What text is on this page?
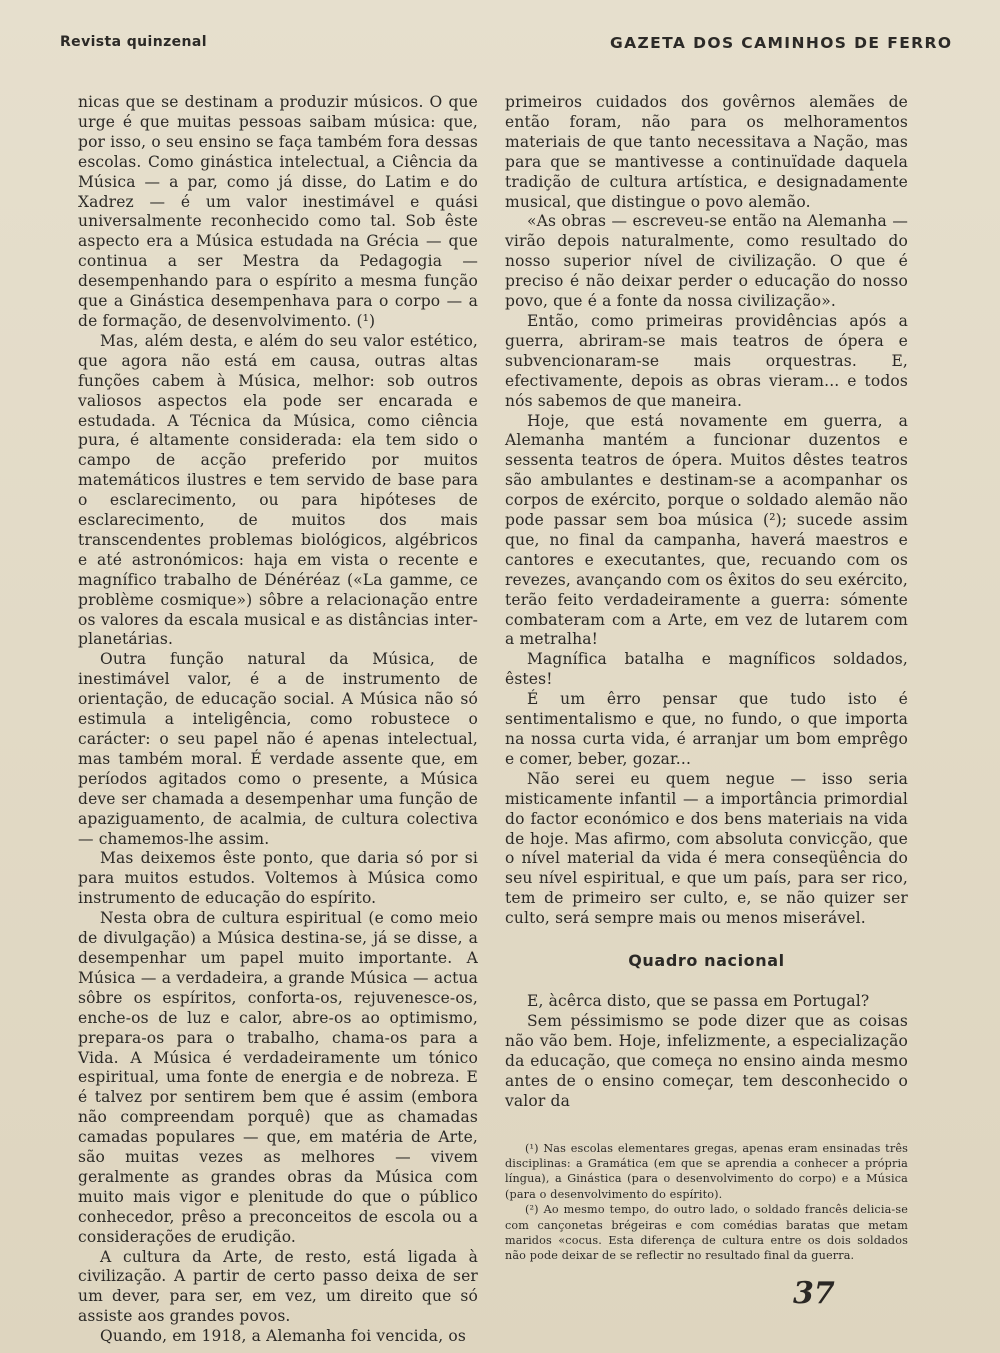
Revista quinzenal	GAZETA DOS CAMINHOS DE FERRO

nicas que se destinam a produzir músicos. O que urge é que muitas pessoas saibam música: que, por isso, o seu ensino se faça também fora dessas escolas. Como ginástica intelectual, a Ciência da Música — a par, como já disse, do Latim e do Xadrez — é um valor inestimável e quási universalmente reconhecido como tal. Sob êste aspecto era a Música estudada na Grécia — que continua a ser Mestra da Pedagogia — desempenhando para o espírito a mesma função que a Ginástica desempenhava para o corpo — a de formação, de desenvolvimento. (¹)

Mas, além desta, e além do seu valor estético, que agora não está em causa, outras altas funções cabem à Música, melhor: sob outros valiosos aspectos ela pode ser encarada e estudada. A Técnica da Música, como ciência pura, é altamente considerada: ela tem sido o campo de acção preferido por muitos matemáticos ilustres e tem servido de base para o esclarecimento, ou para hipóteses de esclarecimento, de muitos dos mais transcendentes problemas biológicos, algébricos e até astronómicos: haja em vista o recente e magnífico trabalho de Dénéréaz («La gamme, ce problème cosmique») sôbre a relacionação entre os valores da escala musical e as distâncias inter-planetárias.

Outra função natural da Música, de inestimável valor, é a de instrumento de orientação, de educação social. A Música não só estimula a inteligência, como robustece o carácter: o seu papel não é apenas intelectual, mas também moral. É verdade assente que, em períodos agitados como o presente, a Música deve ser chamada a desempenhar uma função de apaziguamento, de acalmia, de cultura colectiva — chamemos-lhe assim.

Mas deixemos êste ponto, que daria só por si para muitos estudos. Voltemos à Música como instrumento de educação do espírito.

Nesta obra de cultura espiritual (e como meio de divulgação) a Música destina-se, já se disse, a desempenhar um papel muito importante. A Música — a verdadeira, a grande Música — actua sôbre os espíritos, conforta-os, rejuvenesce-os, enche-os de luz e calor, abre-os ao optimismo, prepara-os para o trabalho, chama-os para a Vida. A Música é verdadeiramente um tónico espiritual, uma fonte de energia e de nobreza. E é talvez por sentirem bem que é assim (embora não compreendam porquê) que as chamadas camadas populares — que, em matéria de Arte, são muitas vezes as melhores — vivem geralmente as grandes obras da Música com muito mais vigor e plenitude do que o público conhecedor, prêso a preconceitos de escola ou a considerações de erudição.

A cultura da Arte, de resto, está ligada à civilização. A partir de certo passo deixa de ser um dever, para ser, em vez, um direito que só assiste aos grandes povos.

Quando, em 1918, a Alemanha foi vencida, os

primeiros cuidados dos govêrnos alemães de então foram, não para os melhoramentos materiais de que tanto necessitava a Nação, mas para que se mantivesse a continuïdade daquela tradição de cultura artística, e designadamente musical, que distingue o povo alemão.

«As obras — escreveu-se então na Alemanha — virão depois naturalmente, como resultado do nosso superior nível de civilização. O que é preciso é não deixar perder o educação do nosso povo, que é a fonte da nossa civilização».

Então, como primeiras providências após a guerra, abriram-se mais teatros de ópera e subvencionaram-se mais orquestras. E, efectivamente, depois as obras vieram... e todos nós sabemos de que maneira.

Hoje, que está novamente em guerra, a Alemanha mantém a funcionar duzentos e sessenta teatros de ópera. Muitos dêstes teatros são ambulantes e destinam-se a acompanhar os corpos de exército, porque o soldado alemão não pode passar sem boa música (²); sucede assim que, no final da campanha, haverá maestros e cantores e executantes, que, recuando com os revezes, avançando com os êxitos do seu exército, terão feito verdadeiramente a guerra: sómente combateram com a Arte, em vez de lutarem com a metralha!

Magnífica batalha e magníficos soldados, êstes!

É um êrro pensar que tudo isto é sentimentalismo e que, no fundo, o que importa na nossa curta vida, é arranjar um bom emprêgo e comer, beber, gozar...

Não serei eu quem negue — isso seria misticamente infantil — a importância primordial do factor económico e dos bens materiais na vida de hoje. Mas afirmo, com absoluta convicção, que o nível material da vida é mera conseqüência do seu nível espiritual, e que um país, para ser rico, tem de primeiro ser culto, e, se não quizer ser culto, será sempre mais ou menos miserável.

Quadro nacional

E, àcêrca disto, que se passa em Portugal?

Sem péssimismo se pode dizer que as coisas não vão bem. Hoje, infelizmente, a especialização da educação, que começa no ensino ainda mesmo antes de o ensino começar, tem desconhecido o valor da

(¹) Nas escolas elementares gregas, apenas eram ensinadas três disciplinas: a Gramática (em que se aprendia a conhecer a própria língua), a Ginástica (para o desenvolvimento do corpo) e a Música (para o desenvolvimento do espírito).

(²) Ao mesmo tempo, do outro lado, o soldado francês delicia-se com cançonetas brégeiras e com comédias baratas que metam maridos «cocus. Esta diferença de cultura entre os dois soldados não pode deixar de se reflectir no resultado final da guerra.

37
